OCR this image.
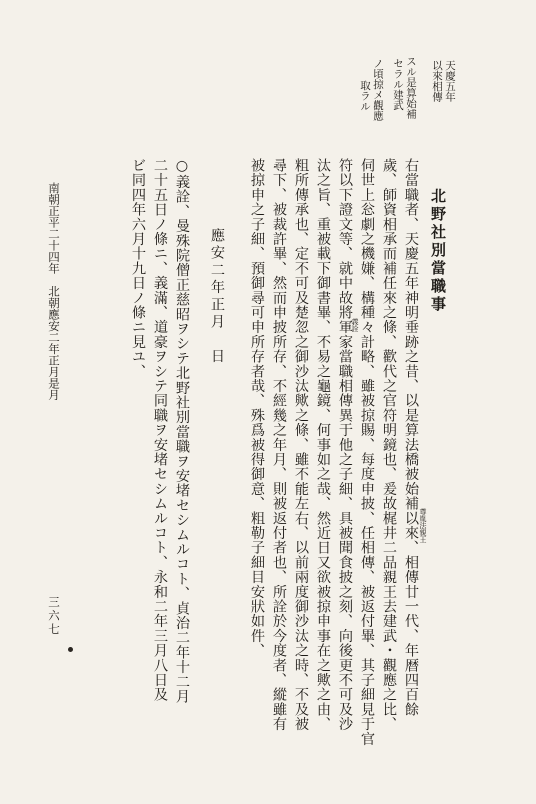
天慶五年
以來相傳
スル是算始補
セラル建武
ノ頃掠メ觀應
取ラル
北野社別當職事
右當職者、天慶五年神明垂跡之昔、以是算法橋被始補以來、相傳廿一代、年暦四百餘
歲、師資相承而補任來之條、歡代之官符明鏡也、爰故梶井二品親王去建武・觀應之比、
伺世上忩劇之機嫌、構種々計略、雖被掠賜、每度申披、任相傳、被返付畢、其子細見于官
符以下證文等、就中故將軍家當職相傳異于他之子細、具被聞食披之刻、向後更不可及沙
汰之旨、重被載下御書畢、不易之龜鏡、何事如之哉、然近日又欲被掠申事在之歟之由、
粗所傳承也、定不可及楚忽之御沙汰歟之條、雖不能左右、以前兩度御沙汰之時、不及被
尋下、被裁許畢、然而申披所存、不經幾之年月、則被返付者也、所詮於今度者、縱雖有
被掠申之子細、預御尋可申所存者哉、殊爲被得御意、粗勒子細目安狀如件、	尊胤法親王
義詮
應安二年正月　日
○義詮、曼殊院僧正慈昭ヲシテ北野社別當職ヲ安堵セシムルコト、貞治二年十二月
二十五日ノ條ニ、義滿、道豪ヲシテ同職ヲ安堵セシムルコト、永和二年三月八日及
ビ同四年六月十九日ノ條ニ見ユ、
南朝正平二十四年　北朝應安二年正月是月
三六七
